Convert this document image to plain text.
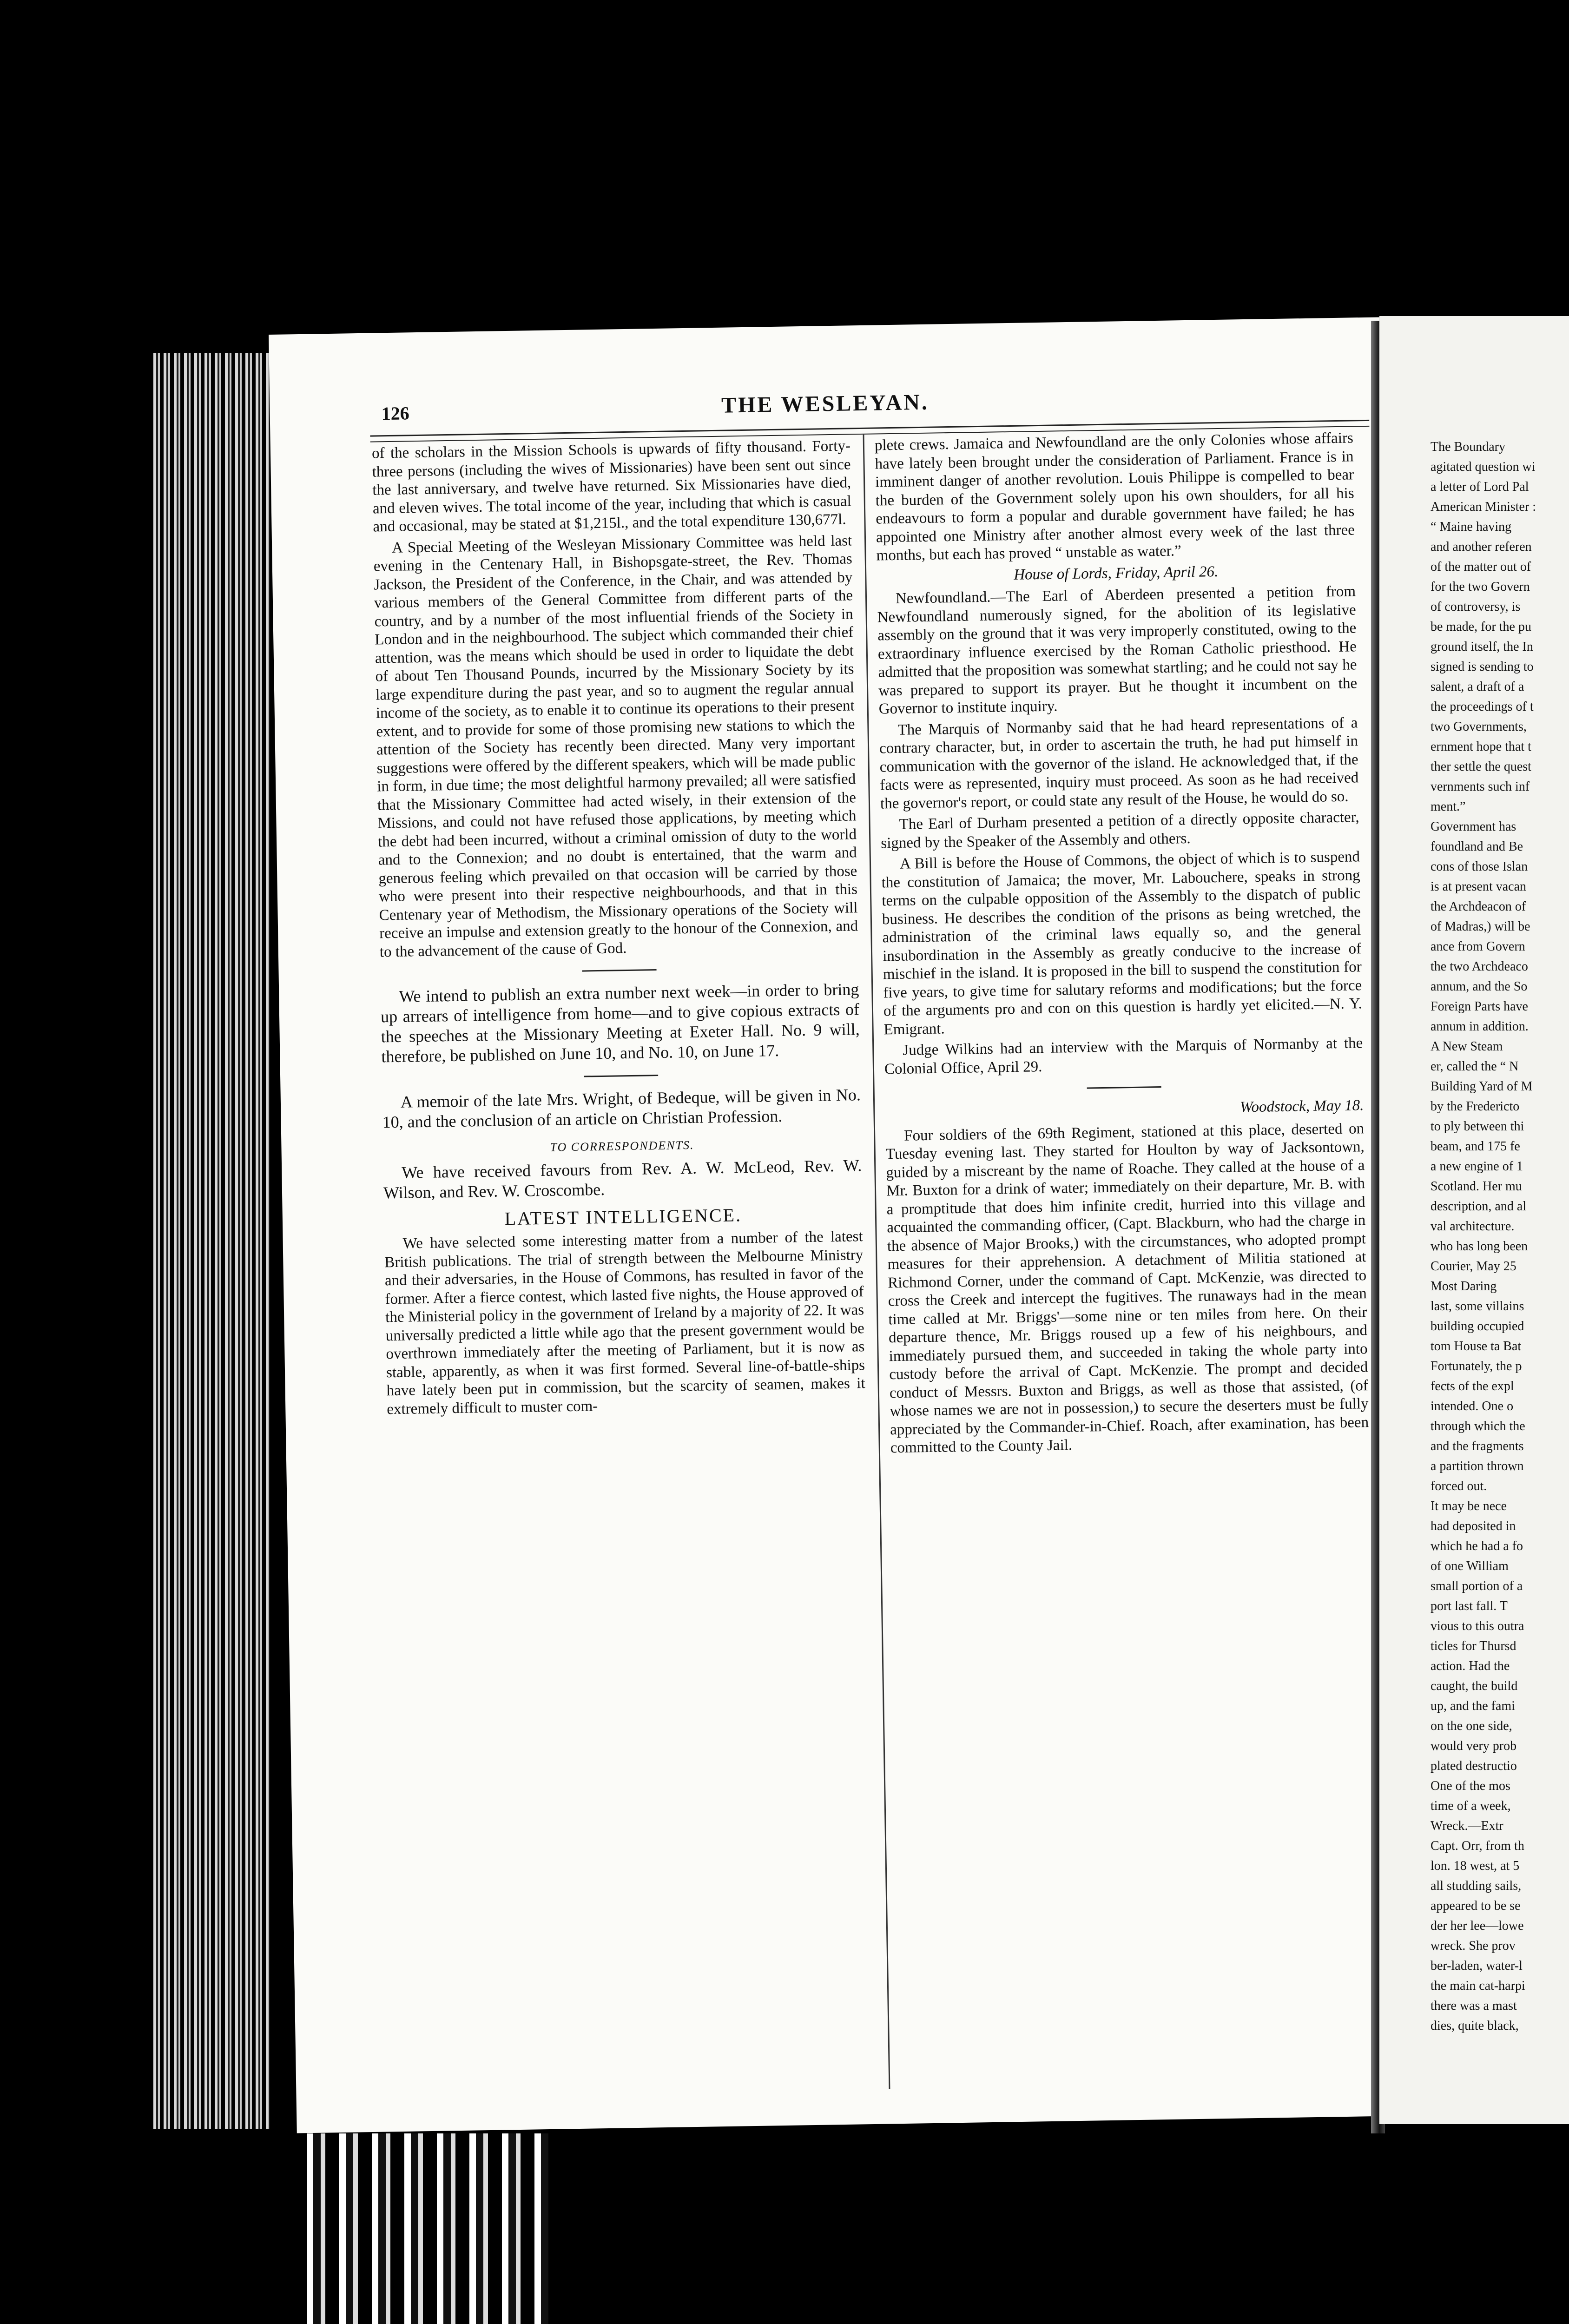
126	THE WESLEYAN.

of the scholars in the Mission Schools is upwards of fifty thousand. Forty-three persons (including the wives of Missionaries) have been sent out since the last anniversary, and twelve have returned. Six Missionaries have died, and eleven wives. The total income of the year, including that which is casual and occasional, may be stated at $1,215l., and the total expenditure 130,677l.

A Special Meeting of the Wesleyan Missionary Committee was held last evening in the Centenary Hall, in Bishopsgate-street, the Rev. Thomas Jackson, the President of the Conference, in the Chair, and was attended by various members of the General Committee from different parts of the country, and by a number of the most influential friends of the Society in London and in the neighbourhood. The subject which commanded their chief attention, was the means which should be used in order to liquidate the debt of about Ten Thousand Pounds, incurred by the Missionary Society by its large expenditure during the past year, and so to augment the regular annual income of the society, as to enable it to continue its operations to their present extent, and to provide for some of those promising new stations to which the attention of the Society has recently been directed. Many very important suggestions were offered by the different speakers, which will be made public in form, in due time; the most delightful harmony prevailed; all were satisfied that the Missionary Committee had acted wisely, in their extension of the Missions, and could not have refused those applications, by meeting which the debt had been incurred, without a criminal omission of duty to the world and to the Connexion; and no doubt is entertained, that the warm and generous feeling which prevailed on that occasion will be carried by those who were present into their respective neighbourhoods, and that in this Centenary year of Methodism, the Missionary operations of the Society will receive an impulse and extension greatly to the honour of the Connexion, and to the advancement of the cause of God.

We intend to publish an extra number next week—in order to bring up arrears of intelligence from home—and to give copious extracts of the speeches at the Missionary Meeting at Exeter Hall. No. 9 will, therefore, be published on June 10, and No. 10, on June 17.

A memoir of the late Mrs. Wright, of Bedeque, will be given in No. 10, and the conclusion of an article on Christian Profession.

TO CORRESPONDENTS.

We have received favours from Rev. A. W. McLeod, Rev. W. Wilson, and Rev. W. Croscombe.

LATEST INTELLIGENCE.

We have selected some interesting matter from a number of the latest British publications. The trial of strength between the Melbourne Ministry and their adversaries, in the House of Commons, has resulted in favor of the former. After a fierce contest, which lasted five nights, the House approved of the Ministerial policy in the government of Ireland by a majority of 22. It was universally predicted a little while ago that the present government would be overthrown immediately after the meeting of Parliament, but it is now as stable, apparently, as when it was first formed. Several line-of-battle-ships have lately been put in commission, but the scarcity of seamen, makes it extremely difficult to muster com-

plete crews. Jamaica and Newfoundland are the only Colonies whose affairs have lately been brought under the consideration of Parliament. France is in imminent danger of another revolution. Louis Philippe is compelled to bear the burden of the Government solely upon his own shoulders, for all his endeavours to form a popular and durable government have failed; he has appointed one Ministry after another almost every week of the last three months, but each has proved “ unstable as water.”

House of Lords, Friday, April 26.

Newfoundland.—The Earl of Aberdeen presented a petition from Newfoundland numerously signed, for the abolition of its legislative assembly on the ground that it was very improperly constituted, owing to the extraordinary influence exercised by the Roman Catholic priesthood. He admitted that the proposition was somewhat startling; and he could not say he was prepared to support its prayer. But he thought it incumbent on the Governor to institute inquiry.

The Marquis of Normanby said that he had heard representations of a contrary character, but, in order to ascertain the truth, he had put himself in communication with the governor of the island. He acknowledged that, if the facts were as represented, inquiry must proceed. As soon as he had received the governor's report, or could state any result of the House, he would do so.

The Earl of Durham presented a petition of a directly opposite character, signed by the Speaker of the Assembly and others.

A Bill is before the House of Commons, the object of which is to suspend the constitution of Jamaica; the mover, Mr. Labouchere, speaks in strong terms on the culpable opposition of the Assembly to the dispatch of public business. He describes the condition of the prisons as being wretched, the administration of the criminal laws equally so, and the general insubordination in the Assembly as greatly conducive to the increase of mischief in the island. It is proposed in the bill to suspend the constitution for five years, to give time for salutary reforms and modifications; but the force of the arguments pro and con on this question is hardly yet elicited.—N. Y. Emigrant.

Judge Wilkins had an interview with the Marquis of Normanby at the Colonial Office, April 29.

Woodstock, May 18.

Four soldiers of the 69th Regiment, stationed at this place, deserted on Tuesday evening last. They started for Houlton by way of Jacksontown, guided by a miscreant by the name of Roache. They called at the house of a Mr. Buxton for a drink of water; immediately on their departure, Mr. B. with a promptitude that does him infinite credit, hurried into this village and acquainted the commanding officer, (Capt. Blackburn, who had the charge in the absence of Major Brooks,) with the circumstances, who adopted prompt measures for their apprehension. A detachment of Militia stationed at Richmond Corner, under the command of Capt. McKenzie, was directed to cross the Creek and intercept the fugitives. The runaways had in the mean time called at Mr. Briggs'—some nine or ten miles from here. On their departure thence, Mr. Briggs roused up a few of his neighbours, and immediately pursued them, and succeeded in taking the whole party into custody before the arrival of Capt. McKenzie. The prompt and decided conduct of Messrs. Buxton and Briggs, as well as those that assisted, (of whose names we are not in possession,) to secure the deserters must be fully appreciated by the Commander-in-Chief. Roach, after examination, has been committed to the County Jail.

The Boundary

agitated question wi

a letter of Lord Pal

American Minister :

“ Maine having

and another referen

of the matter out of

for the two Govern

of controversy, is

be made, for the pu

ground itself, the In

signed is sending to

salent, a draft of a

the proceedings of t

two Governments,

ernment hope that t

ther settle the quest

vernments such inf

ment.”

Government has

foundland and Be

cons of those Islan

is at present vacan

the Archdeacon of

of Madras,) will be

ance from Govern

the two Archdeaco

annum, and the So

Foreign Parts have

annum in addition.

A New Steam

er, called the “ N

Building Yard of M

by the Fredericto

to ply between thi

beam, and 175 fe

a new engine of 1

Scotland. Her mu

description, and al

val architecture.

who has long been

Courier, May 25

Most Daring

last, some villains

building occupied

tom House ta Bat

Fortunately, the p

fects of the expl

intended. One o

through which the

and the fragments

a partition thrown

forced out.

It may be nece

had deposited in

which he had a fo

of one William

small portion of a

port last fall. T

vious to this outra

ticles for Thursd

action. Had the

caught, the build

up, and the fami

on the one side,

would very prob

plated destructio

One of the mos

time of a week,

Wreck.—Extr

Capt. Orr, from th

lon. 18 west, at 5

all studding sails,

appeared to be se

der her lee—lowe

wreck. She prov

ber-laden, water-l

the main cat-harpi

there was a mast

dies, quite black,
